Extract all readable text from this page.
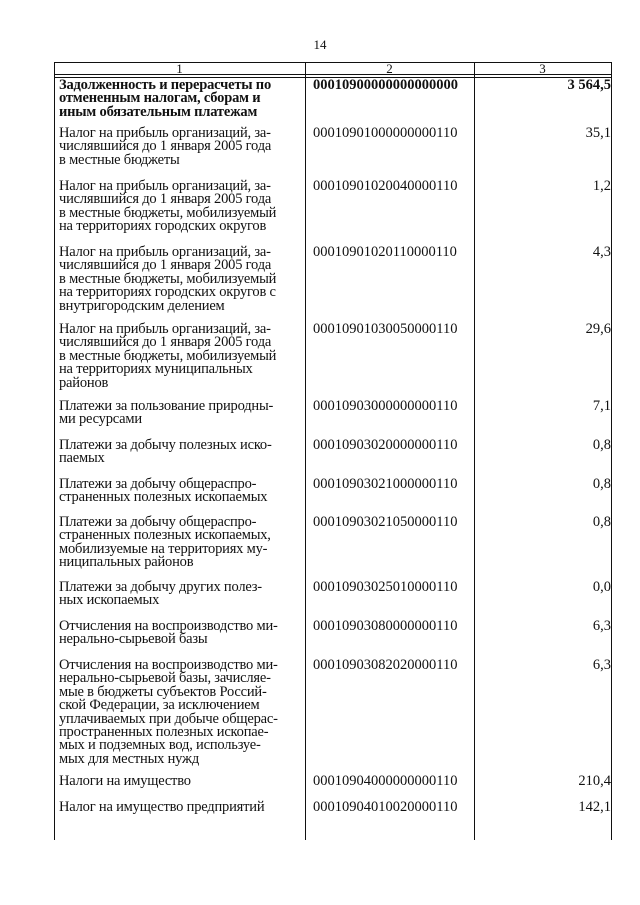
14
1	2	3
Задолженность и перерасчеты по
отмененным налогам, сборам и
иным обязательным платежам
00010900000000000000	3 564,5
Налог на прибыль организаций, за-
числявшийся до 1 января 2005 года
в местные бюджеты
00010901000000000110	35,1
Налог на прибыль организаций, за-
числявшийся до 1 января 2005 года
в местные бюджеты, мобилизуемый
на территориях городских округов
00010901020040000110	1,2
Налог на прибыль организаций, за-
числявшийся до 1 января 2005 года
в местные бюджеты, мобилизуемый
на территориях городских округов с
внутригородским делением
00010901020110000110	4,3
Налог на прибыль организаций, за-
числявшийся до 1 января 2005 года
в местные бюджеты, мобилизуемый
на территориях муниципальных
районов
00010901030050000110	29,6
Платежи за пользование природны-
ми ресурсами
00010903000000000110	7,1
Платежи за добычу полезных иско-
паемых
00010903020000000110	0,8
Платежи за добычу общераспро-
страненных полезных ископаемых
00010903021000000110	0,8
Платежи за добычу общераспро-
страненных полезных ископаемых,
мобилизуемые на территориях му-
ниципальных районов
00010903021050000110	0,8
Платежи за добычу других полез-
ных ископаемых
00010903025010000110	0,0
Отчисления на воспроизводство ми-
нерально-сырьевой базы
00010903080000000110	6,3
Отчисления на воспроизводство ми-
нерально-сырьевой базы, зачисляе-
мые в бюджеты субъектов Россий-
ской Федерации, за исключением
уплачиваемых при добыче общерас-
пространенных полезных ископае-
мых и подземных вод, используе-
мых для местных нужд
00010903082020000110	6,3
Налоги на имущество	00010904000000000110	210,4
Налог на имущество предприятий	00010904010020000110	142,1
